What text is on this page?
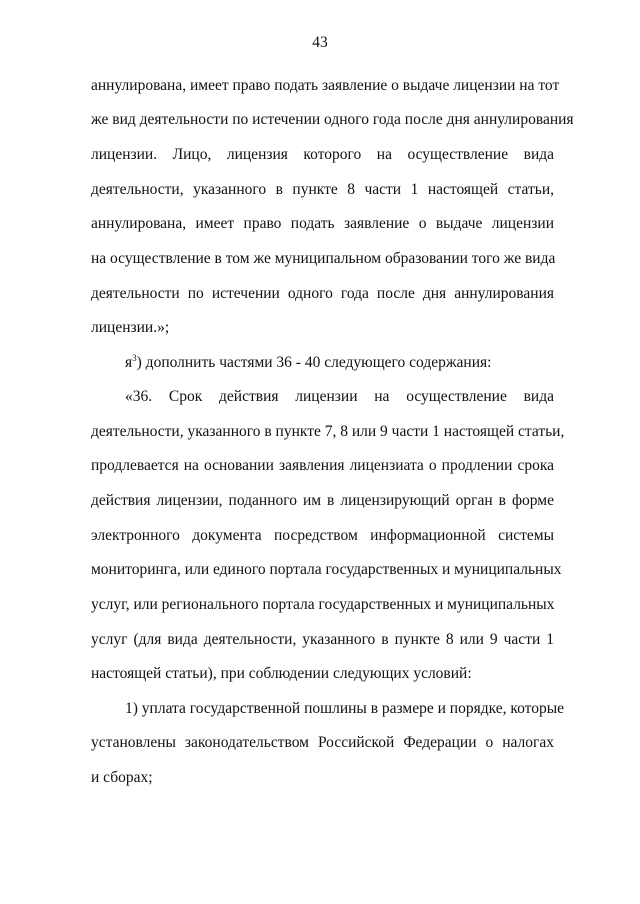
43
аннулирована, имеет право подать заявление о выдаче лицензии на тот
же вид деятельности по истечении одного года после дня аннулирования
лицензии. Лицо, лицензия которого на осуществление вида
деятельности, указанного в пункте 8 части 1 настоящей статьи,
аннулирована, имеет право подать заявление о выдаче лицензии
на осуществление в том же муниципальном образовании того же вида
деятельности по истечении одного года после дня аннулирования
лицензии.»;
$я^3$) дополнить частями 36 - 40 следующего содержания:
«36. Срок действия лицензии на осуществление вида
деятельности, указанного в пункте 7, 8 или 9 части 1 настоящей статьи,
продлевается на основании заявления лицензиата о продлении срока
действия лицензии, поданного им в лицензирующий орган в форме
электронного документа посредством информационной системы
мониторинга, или единого портала государственных и муниципальных
услуг, или регионального портала государственных и муниципальных
услуг (для вида деятельности, указанного в пункте 8 или 9 части 1
настоящей статьи), при соблюдении следующих условий:
1) уплата государственной пошлины в размере и порядке, которые
установлены законодательством Российской Федерации о налогах
и сборах;
